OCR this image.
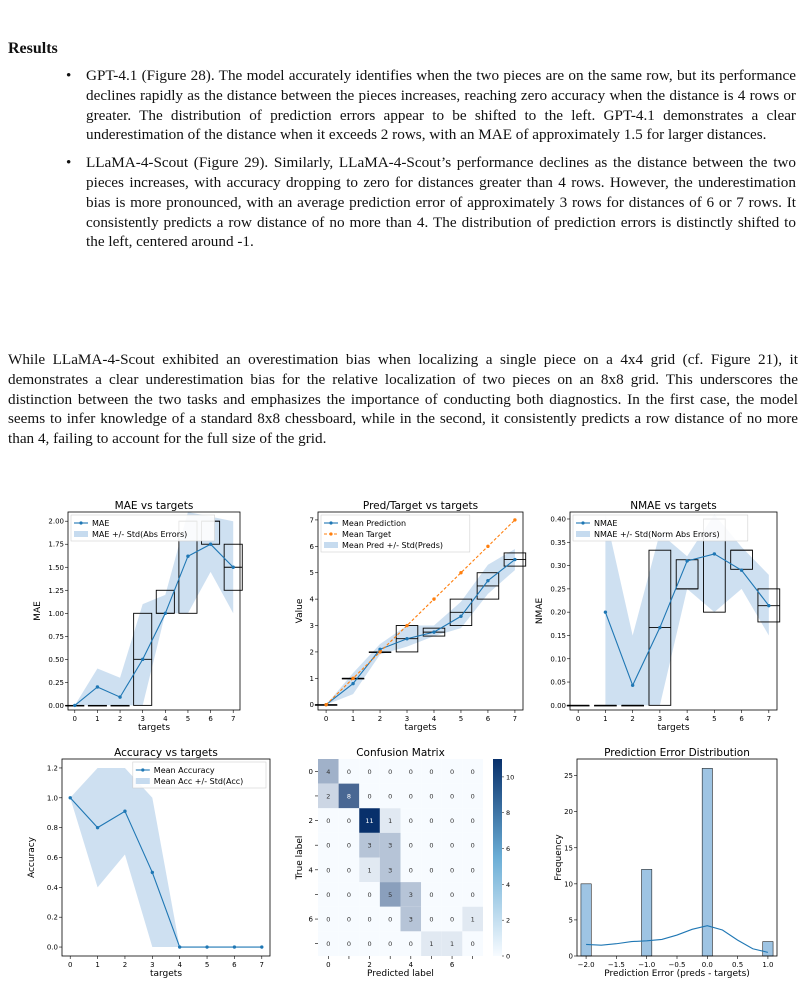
Results
• GPT-4.1 (Figure 28). The model accurately identifies when the two pieces are on the same row, but its performance declines rapidly as the distance between the pieces increases, reaching zero accuracy when the distance is 4 rows or greater. The distribution of prediction errors appear to be shifted to the left. GPT-4.1 demonstrates a clear underestimation of the distance when it exceeds 2 rows, with an MAE of approximately 1.5 for larger distances.
• LLaMA-4-Scout (Figure 29). Similarly, LLaMA-4-Scout’s performance declines as the distance between the two pieces increases, with accuracy dropping to zero for distances greater than 4 rows. However, the underestimation bias is more pronounced, with an average prediction error of approximately 3 rows for distances of 6 or 7 rows. It consistently predicts a row distance of no more than 4. The distribution of prediction errors is distinctly shifted to the left, centered around -1.

While LLaMA-4-Scout exhibited an overestimation bias when localizing a single piece on a 4x4 grid (cf. Figure 21), it demonstrates a clear underestimation bias for the relative localization of two pieces on an 8x8 grid. This underscores the distinction between the two tasks and emphasizes the importance of conducting both diagnostics. In the first case, the model seems to infer knowledge of a standard 8x8 chessboard, while in the second, it consistently predicts a row distance of no more than 4, failing to account for the full size of the grid.

0	1	2	3	4	5	6	7
0.00
0.25
0.50
0.75
1.00
1.25
1.50
1.75
2.00
MAE vs targets
targets
MAE
MAE
MAE +/- Std(Abs Errors)
0	1	2	3	4	5	6	7
0
1
2
3
4
5
6
7
Pred/Target vs targets
targets
Value
Mean Prediction
Mean Target
Mean Pred +/- Std(Preds)
0	1	2	3	4	5	6	7
0.00
0.05
0.10
0.15
0.20
0.25
0.30
0.35
0.40
NMAE vs targets
targets
NMAE
NMAE
NMAE +/- Std(Norm Abs Errors)
0	1	2	3	4	5	6	7
0.0
0.2
0.4
0.6
0.8
1.0
1.2
Accuracy vs targets
targets
Accuracy
Mean Accuracy
Mean Acc +/- Std(Acc)
4	0	0	0	0	0	0	0
2	8	0	0	0	0	0	0
0	0 11 1	0	0	0	0
0	0	3	3	0	0	0	0
0	0	1	3	0	0	0	0
0	0	0	5	3	0	0	0
0	0	0	0	3	0	0	1
0	0	0	0	0	1	1	0
0	2	4	6
0
2
4
6
Confusion Matrix
Predicted label
True label
0
2
4
6
8
10
−2.0 −1.5 −1.0 −0.5 0.0	0.5	1.0
0
5
10
15
20
25
Prediction Error Distribution
Prediction Error (preds - targets)
Frequency
